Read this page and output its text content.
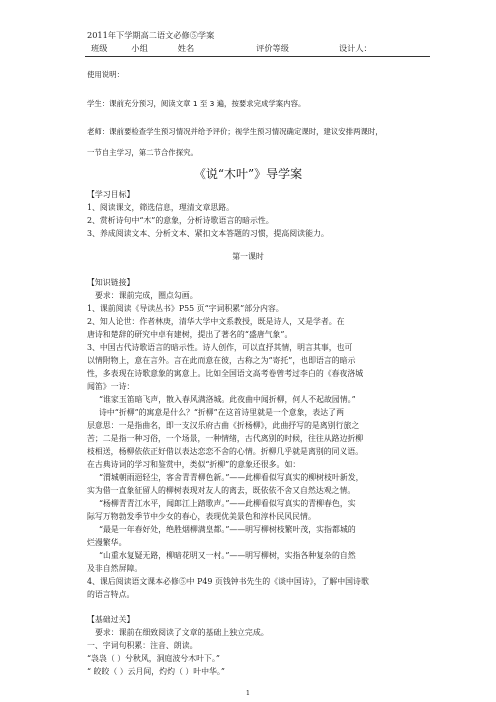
2011年下学期高二语文必修⑤学案
班级	小组	姓名	评价等级	设计人：
使用说明：
学生：课前充分预习，阅读文章 1 至 3 遍，按要求完成学案内容。
老师：课前要检查学生预习情况并给予评价；视学生预习情况确定课时，建议安排两课时，
一节自主学习，第二节合作探究。
《说“木叶”》导学案
【学习目标】
1、阅读课文，筛选信息，理清文章思路。
2、赏析诗句中“木”的意象，分析诗歌语言的暗示性。
3、养成阅读文本、分析文本、紧扣文本答题的习惯，提高阅读能力。
第一课时
【知识链接】
要求：课前完成，圈点勾画。
1、课前阅读《导读丛书》P55 页“字词积累”部分内容。
2、知人论世：作者林庚，清华大学中文系教授，既是诗人，又是学者。在
唐诗和楚辞的研究中卓有建树，提出了著名的“盛唐气象”。
3、中国古代诗歌语言的暗示性。诗人创作，可以直抒其情，明言其事，也可
以情附物上，意在言外。言在此而意在彼，古称之为“寄托”，也即语言的暗示
性，多表现在诗歌意象的寓意上。比如全国语文高考卷曾考过李白的《春夜洛城
闻笛》一诗：
“谁家玉笛暗飞声，散入春风满洛城。此夜曲中闻折柳，何人不起故园情。”
诗中“折柳”的寓意是什么？“折柳”在这首诗里就是一个意象，表达了两
层意思：一是指曲名，即一支汉乐府古曲《折杨柳》，此曲抒写的是离别行旅之
苦；二是指一种习俗，一个场景，一种情绪，古代离别的时候，往往从路边折柳
枝相送，杨柳依依正好借以表达恋恋不舍的心情。折柳几乎就是离别的同义语。
在古典诗词的学习和鉴赏中，类似“折柳”的意象还很多。如：
“渭城朝雨浥轻尘，客舍青青柳色新。”——此柳看似写真实的柳树枝叶新发，
实为借一直象征留人的柳树表现对友人的离去，既依依不舍又自然达观之情。
“杨柳青青江水平，闻郎江上踏歌声。”——此柳看似写真实的青柳春色，实
际写万物勃发季节中少女的春心，表现优美景色和淳朴民风民情。
“最是一年春好处，绝胜烟柳满皇都。”——明写柳树枝繁叶茂，实指都城的
烂漫繁华。
“山重水复疑无路，柳暗花明又一村。”——明写柳树，实指各种复杂的自然
及非自然屏障。
4、课后阅读语文课本必修⑤中 P49 页钱钟书先生的《谈中国诗》，了解中国诗歌
的语言特点。
【基础过关】
要求：课前在细致阅读了文章的基础上独立完成。
一、字词句积累：注音、朗读。
“袅袅（ ）兮秋风，洞庭波兮木叶下。”
“ 皎皎（ ）云月间，灼灼（ ）叶中华。”
1
